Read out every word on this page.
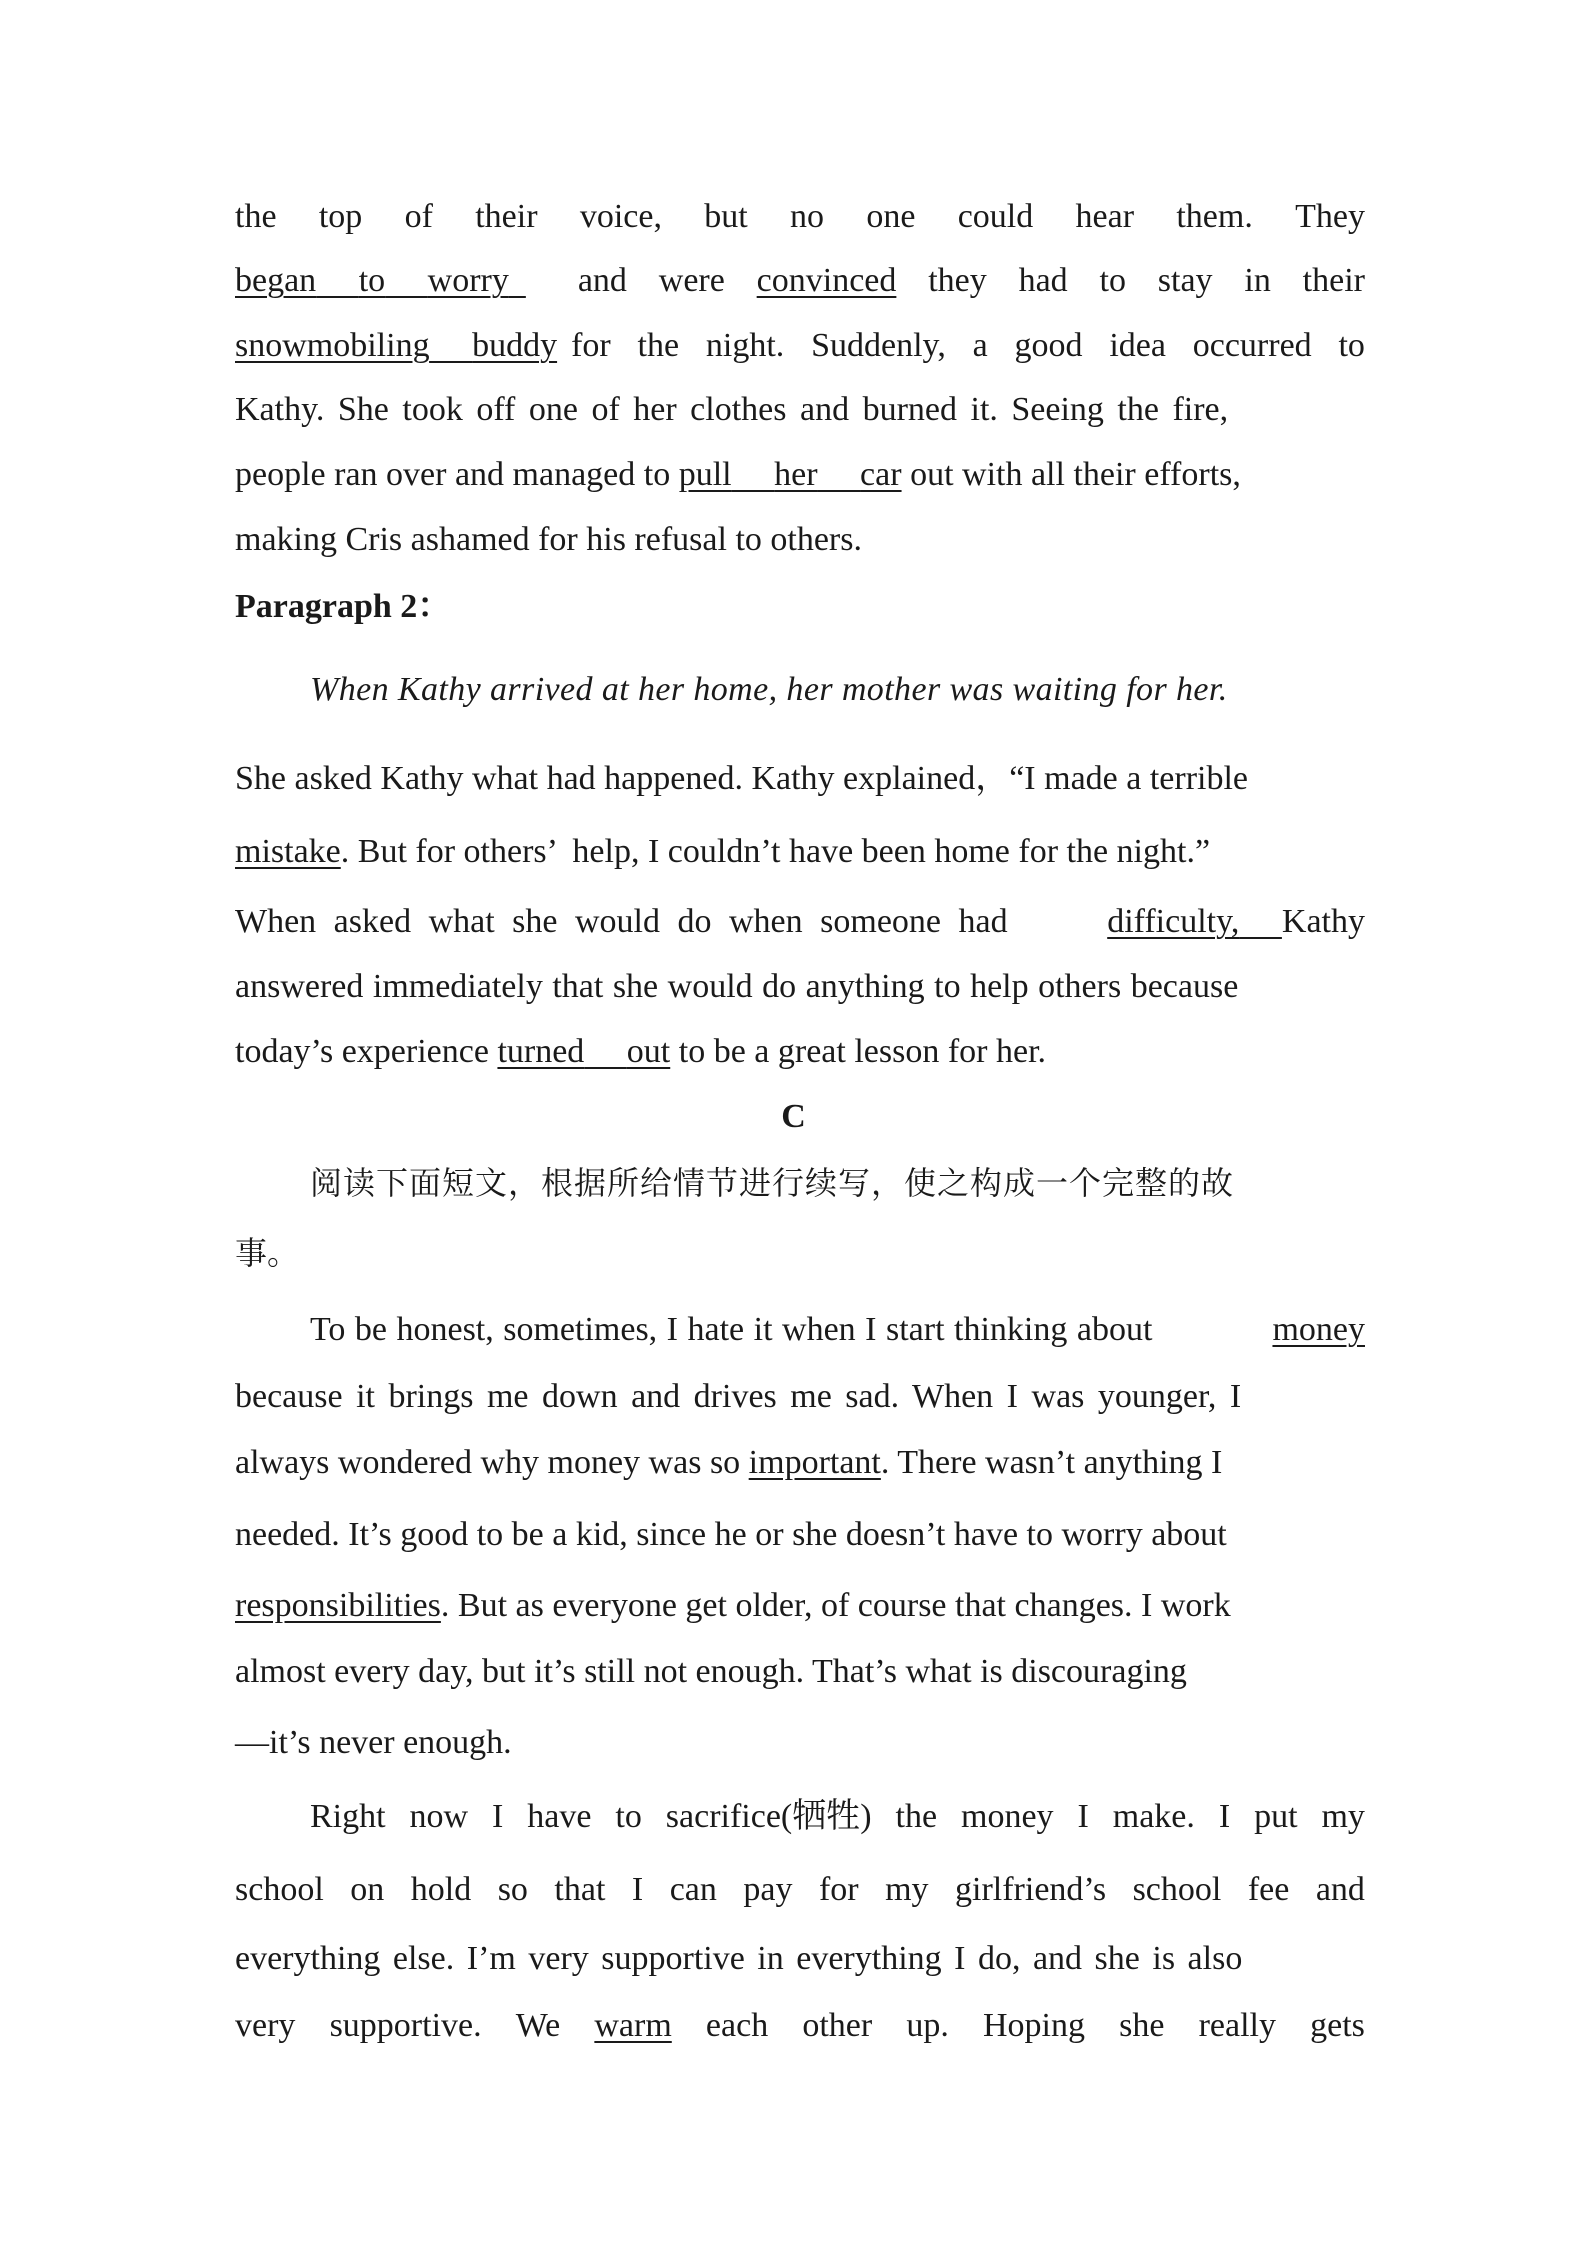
the top of their voice, but no one could hear them. They
began to worry	and were convinced they had to stay in their
snowmobiling buddy for the night. Suddenly, a good idea occurred to
Kathy. She took off one of her clothes and burned it. Seeing the fire,
people ran over and managed to pull her car out with all their efforts,
making Cris ashamed for his refusal to others.
Paragraph 2：
When Kathy arrived at her home, her mother was waiting for her.
She asked Kathy what had happened. Kathy explained，“I made a terrible
mistake. But for others’  help, I couldn’t have been home for the night.”
When asked what she would do when someone had	difficulty,	Kathy
answered immediately that she would do anything to help others because
today’s experience turned out to be a great lesson for her.
C
阅读下面短文，根据所给情节进行续写，使之构成一个完整的故
事。
To be honest, sometimes, I hate it when I start thinking about	money
because it brings me down and drives me sad. When I was younger, I
always wondered why money was so important. There wasn’t anything I
needed. It’s good to be a kid, since he or she doesn’t have to worry about
responsibilities. But as everyone get older, of course that changes. I work
almost every day, but it’s still not enough. That’s what is discouraging
—it’s never enough.
Right now I have to sacrifice(牺牲) the money I make. I put my
school on hold so that I can pay for my girlfriend’s school fee and
everything else. I’m very supportive in everything I do, and she is also
very supportive. We warm each other up. Hoping she really gets
